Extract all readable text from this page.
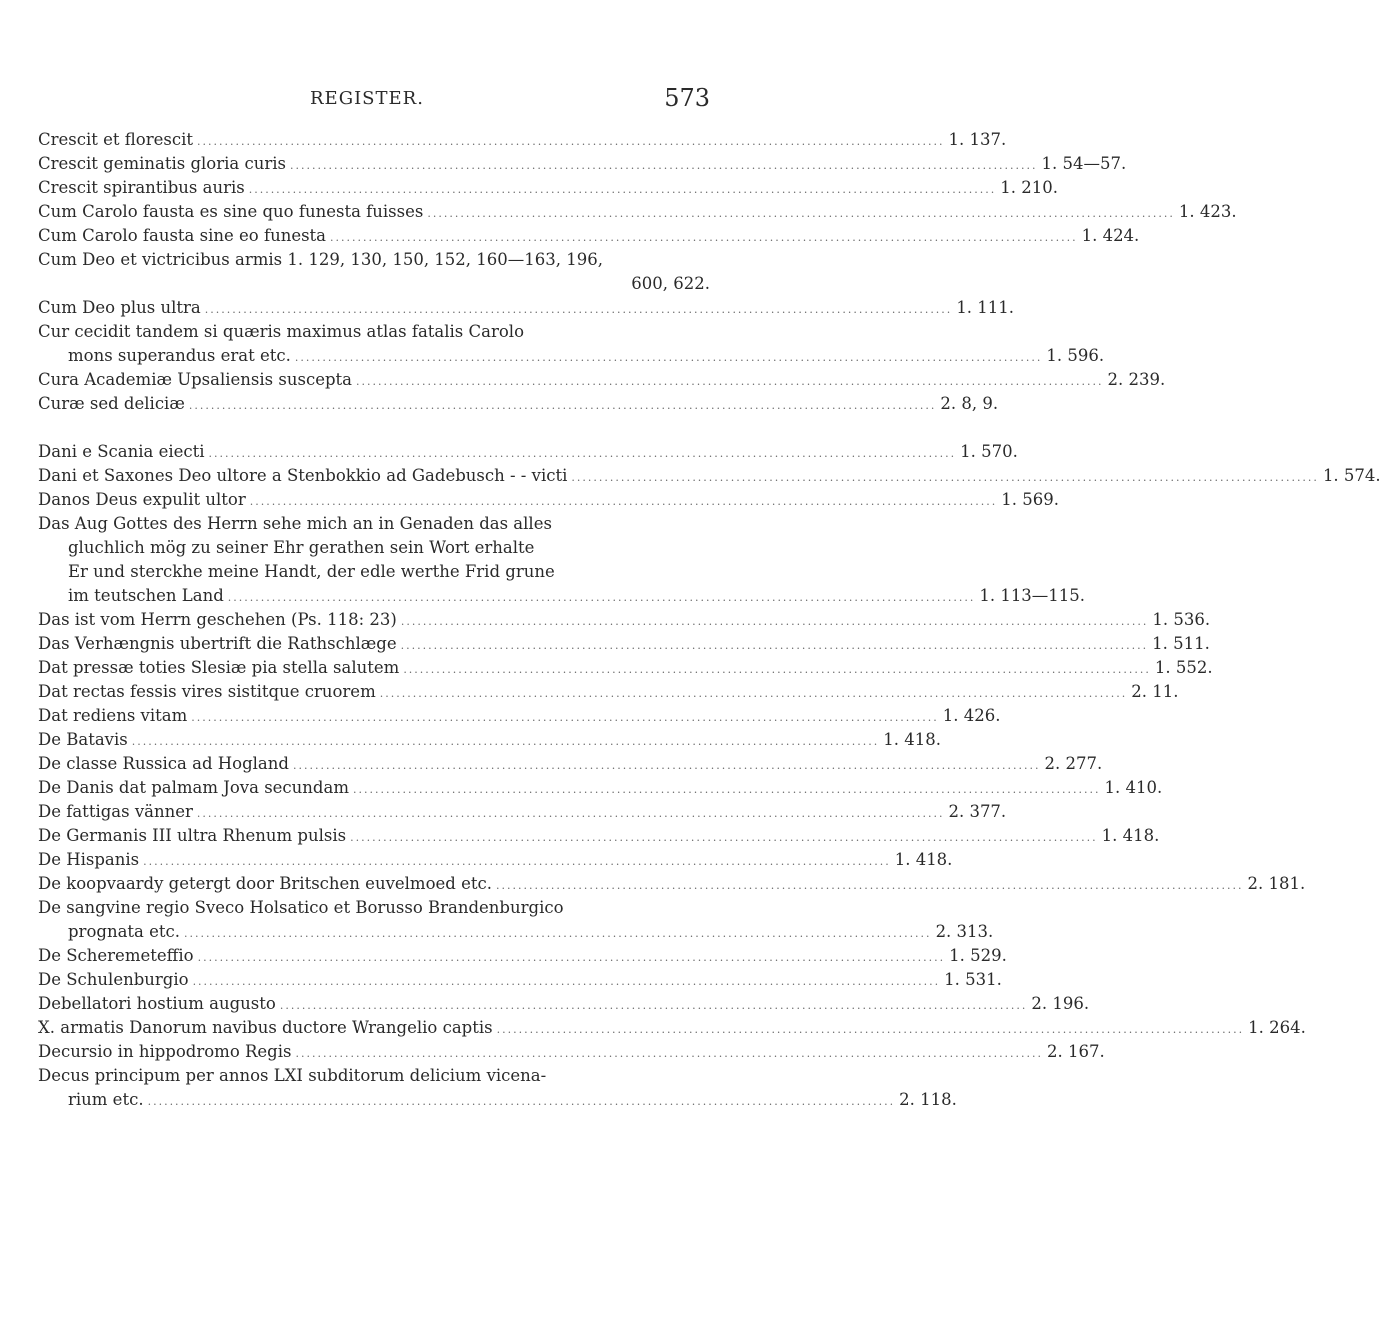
REGISTER.	573
Crescit et florescit ........................................................................................................................................ 1. 137.
Crescit geminatis gloria curis ........................................................................................................................................ 1. 54—57.
Crescit spirantibus auris ........................................................................................................................................ 1. 210.
Cum Carolo fausta es sine quo funesta fuisses ........................................................................................................................................ 1. 423.
Cum Carolo fausta sine eo funesta ........................................................................................................................................ 1. 424.
Cum Deo et victricibus armis 1. 129, 130, 150, 152, 160—163, 196,
600, 622.
Cum Deo plus ultra ........................................................................................................................................ 1. 111.
Cur cecidit tandem si quæris maximus atlas fatalis Carolo
mons superandus erat etc. ........................................................................................................................................ 1. 596.
Cura Academiæ Upsaliensis suscepta ........................................................................................................................................ 2. 239.
Curæ sed deliciæ ........................................................................................................................................ 2. 8, 9.
Dani e Scania eiecti ........................................................................................................................................ 1. 570.
Dani et Saxones Deo ultore a Stenbokkio ad Gadebusch - - victi ........................................................................................................................................ 1. 574.
Danos Deus expulit ultor ........................................................................................................................................ 1. 569.
Das Aug Gottes des Herrn sehe mich an in Genaden das alles
gluchlich mög zu seiner Ehr gerathen sein Wort erhalte
Er und sterckhe meine Handt, der edle werthe Frid grune
im teutschen Land ........................................................................................................................................ 1. 113—115.
Das ist vom Herrn geschehen (Ps. 118: 23) ........................................................................................................................................ 1. 536.
Das Verhængnis ubertrift die Rathschlæge ........................................................................................................................................ 1. 511.
Dat pressæ toties Slesiæ pia stella salutem ........................................................................................................................................ 1. 552.
Dat rectas fessis vires sistitque cruorem ........................................................................................................................................ 2. 11.
Dat rediens vitam ........................................................................................................................................ 1. 426.
De Batavis ........................................................................................................................................ 1. 418.
De classe Russica ad Hogland ........................................................................................................................................ 2. 277.
De Danis dat palmam Jova secundam ........................................................................................................................................ 1. 410.
De fattigas vänner ........................................................................................................................................ 2. 377.
De Germanis III ultra Rhenum pulsis ........................................................................................................................................ 1. 418.
De Hispanis ........................................................................................................................................ 1. 418.
De koopvaardy getergt door Britschen euvelmoed etc. ........................................................................................................................................ 2. 181.
De sangvine regio Sveco Holsatico et Borusso Brandenburgico
prognata etc. ........................................................................................................................................ 2. 313.
De Scheremeteffio ........................................................................................................................................ 1. 529.
De Schulenburgio ........................................................................................................................................ 1. 531.
Debellatori hostium augusto ........................................................................................................................................ 2. 196.
X. armatis Danorum navibus ductore Wrangelio captis ........................................................................................................................................ 1. 264.
Decursio in hippodromo Regis ........................................................................................................................................ 2. 167.
Decus principum per annos LXI subditorum delicium vicena-
rium etc. ........................................................................................................................................ 2. 118.
